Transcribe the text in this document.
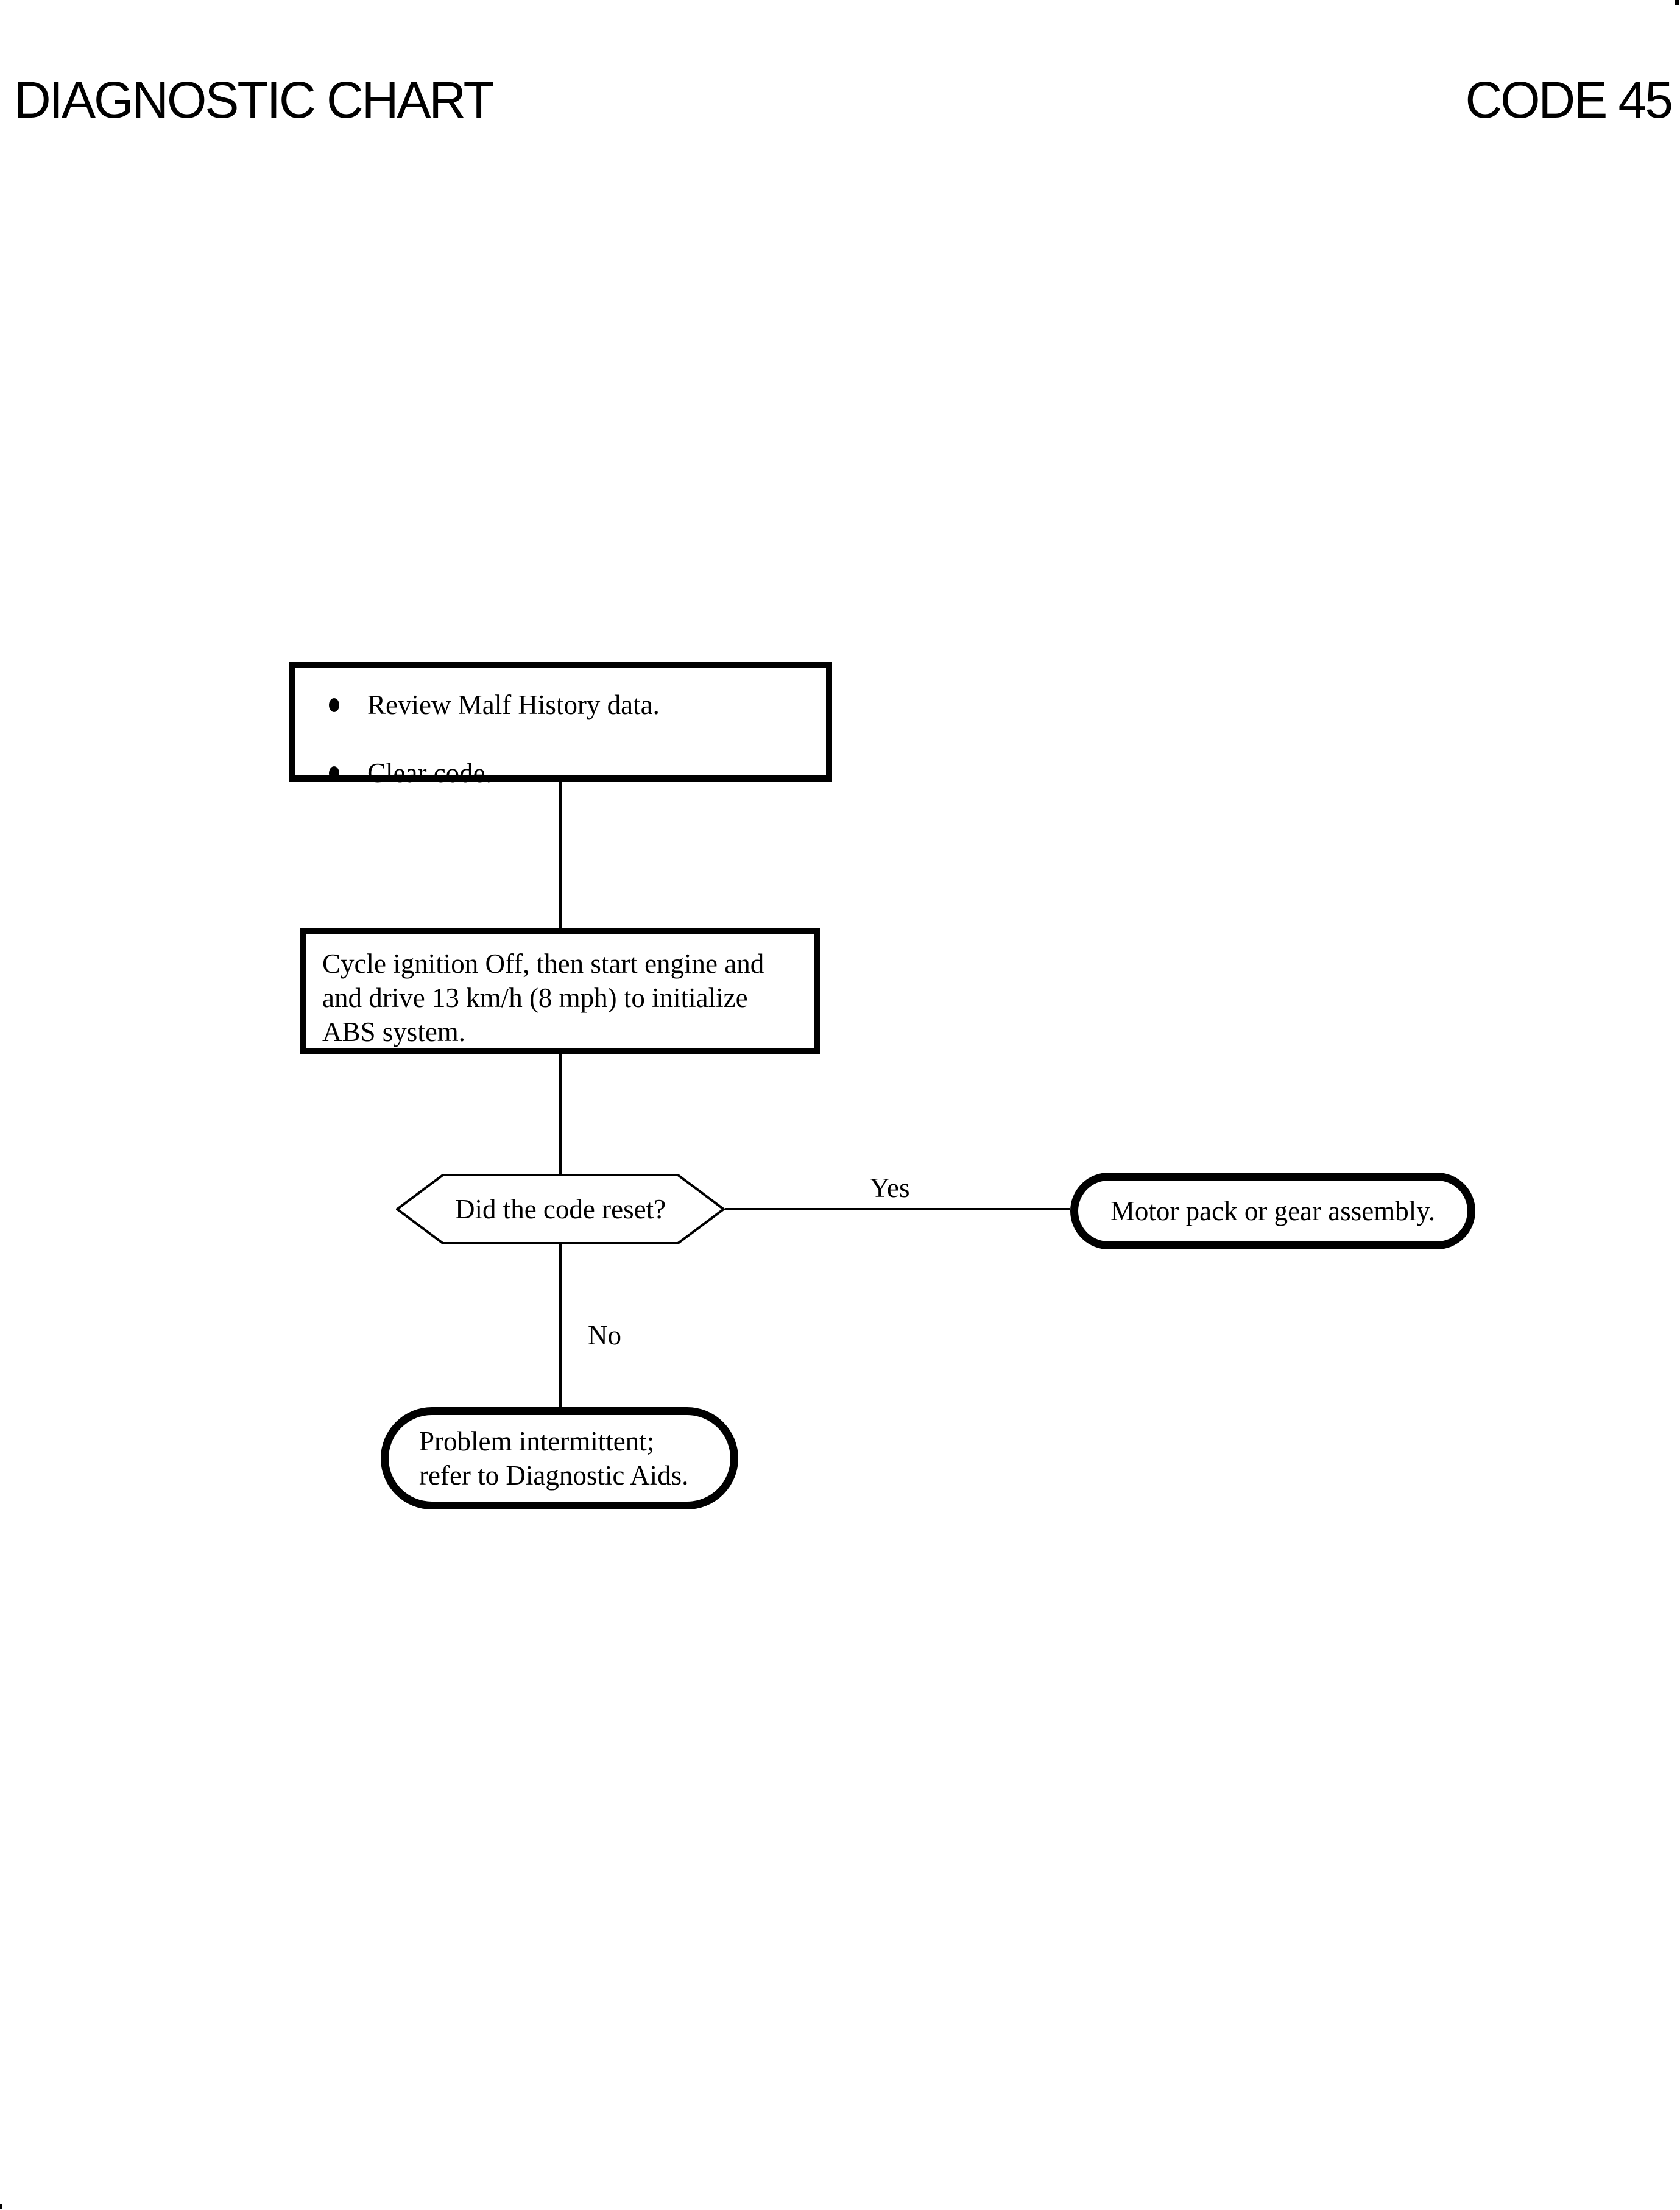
DIAGNOSTIC CHART	CODE 45
Review Malf History data.
Clear code.
Cycle ignition Off, then start engine and
and drive 13 km/h (8 mph) to initialize
ABS system.
Did the code reset?
Yes
Motor pack or gear assembly.
No
Problem intermittent;
refer to Diagnostic Aids.
